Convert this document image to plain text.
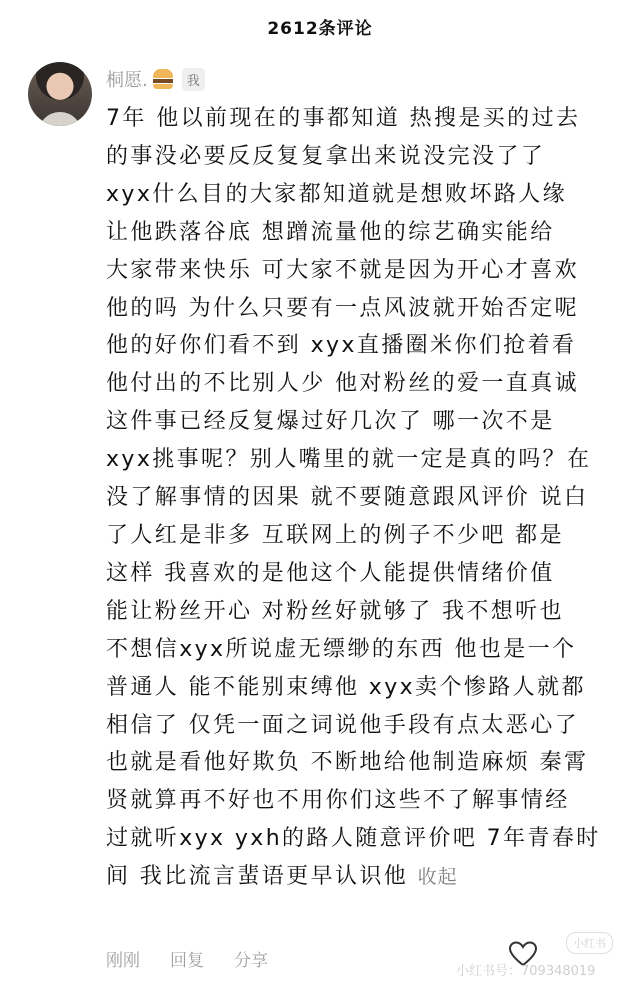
2612条评论
桐愿.	我
7年 他以前现在的事都知道 热搜是买的过去
的事没必要反反复复拿出来说没完没了了
xyx什么目的大家都知道就是想败坏路人缘
让他跌落谷底 想蹭流量他的综艺确实能给
大家带来快乐 可大家不就是因为开心才喜欢
他的吗 为什么只要有一点风波就开始否定呢
他的好你们看不到 xyx直播圈米你们抢着看
他付出的不比别人少 他对粉丝的爱一直真诚
这件事已经反复爆过好几次了 哪一次不是
xyx挑事呢？别人嘴里的就一定是真的吗？在
没了解事情的因果 就不要随意跟风评价 说白
了人红是非多 互联网上的例子不少吧 都是
这样 我喜欢的是他这个人能提供情绪价值
能让粉丝开心 对粉丝好就够了 我不想听也
不想信xyx所说虚无缥缈的东西 他也是一个
普通人 能不能别束缚他 xyx卖个惨路人就都
相信了 仅凭一面之词说他手段有点太恶心了
也就是看他好欺负 不断地给他制造麻烦 秦霄
贤就算再不好也不用你们这些不了解事情经
过就听xyx yxh的路人随意评价吧 7年青春时
间 我比流言蜚语更早认识他 收起
刚刚 回复 分享
小红书
小红书号：709348019
